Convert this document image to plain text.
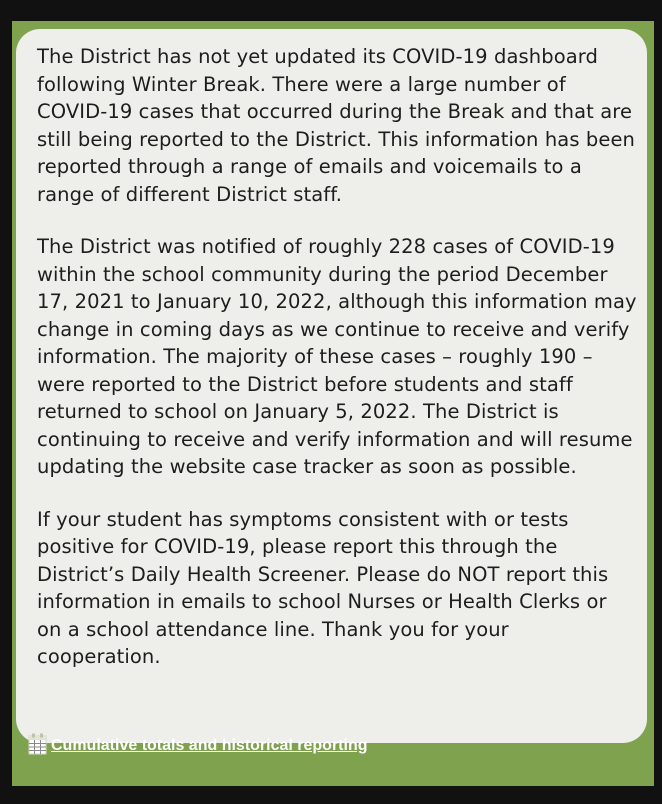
The District has not yet updated its COVID-19 dashboard following Winter Break. There were a large number of COVID-19 cases that occurred during the Break and that are still being reported to the District. This information has been reported through a range of emails and voicemails to a range of different District staff.

The District was notified of roughly 228 cases of COVID-19 within the school community during the period December 17, 2021 to January 10, 2022, although this information may change in coming days as we continue to receive and verify information. The majority of these cases – roughly 190 – were reported to the District before students and staff returned to school on January 5, 2022. The District is continuing to receive and verify information and will resume updating the website case tracker as soon as possible.

If your student has symptoms consistent with or tests positive for COVID-19, please report this through the District’s Daily Health Screener. Please do NOT report this information in emails to school Nurses or Health Clerks or on a school attendance line. Thank you for your cooperation.

Cumulative totals and historical reporting
